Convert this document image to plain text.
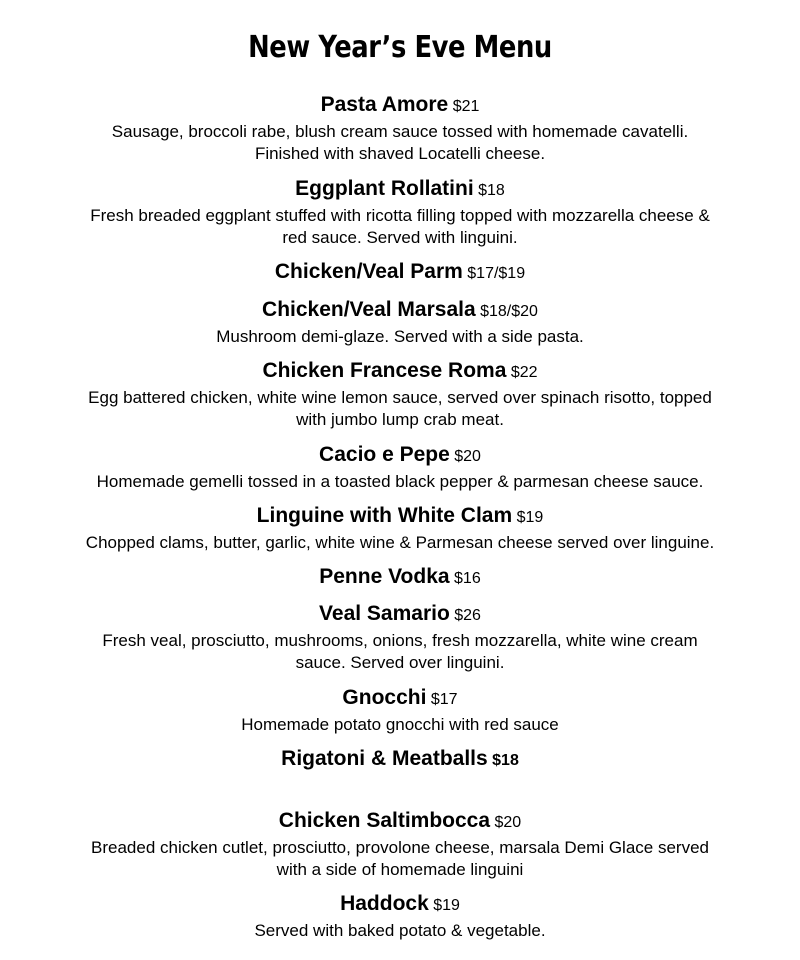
New Year’s Eve Menu
Pasta Amore $21
Sausage, broccoli rabe, blush cream sauce tossed with homemade cavatelli.
Finished with shaved Locatelli cheese.
Eggplant Rollatini $18
Fresh breaded eggplant stuffed with ricotta filling topped with mozzarella cheese &
red sauce. Served with linguini.
Chicken/Veal Parm $17/$19
Chicken/Veal Marsala $18/$20
Mushroom demi-glaze. Served with a side pasta.
Chicken Francese Roma $22
Egg battered chicken, white wine lemon sauce, served over spinach risotto, topped
with jumbo lump crab meat.
Cacio e Pepe $20
Homemade gemelli tossed in a toasted black pepper & parmesan cheese sauce.
Linguine with White Clam $19
Chopped clams, butter, garlic, white wine & Parmesan cheese served over linguine.
Penne Vodka $16
Veal Samario $26
Fresh veal, prosciutto, mushrooms, onions, fresh mozzarella, white wine cream
sauce. Served over linguini.
Gnocchi $17
Homemade potato gnocchi with red sauce
Rigatoni & Meatballs $18
Chicken Saltimbocca $20
Breaded chicken cutlet, prosciutto, provolone cheese, marsala Demi Glace served
with a side of homemade linguini
Haddock $19
Served with baked potato & vegetable.
